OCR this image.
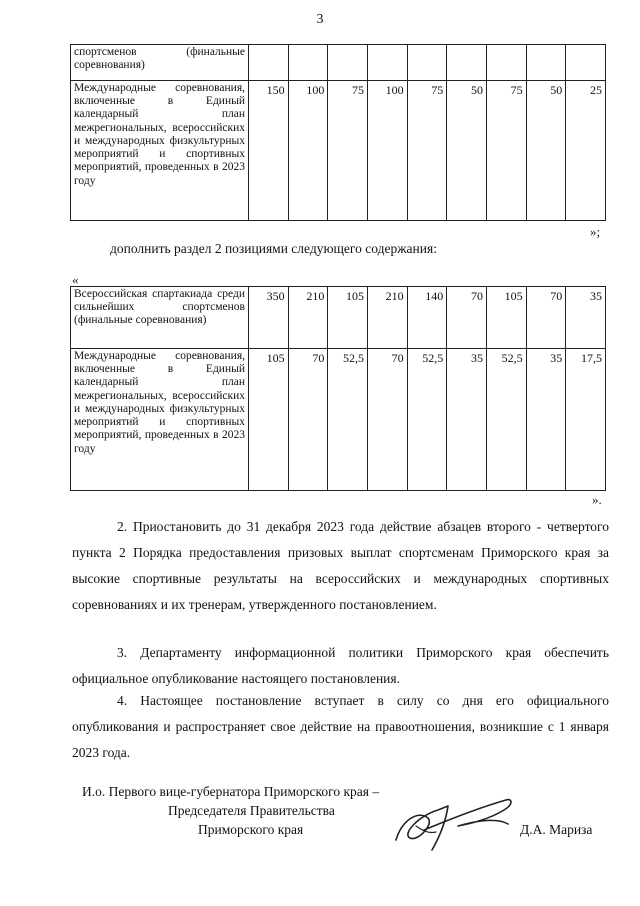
3
спортсменов (финальные соревнования)									
Международные соревнования, включенные в Единый календарный план межрегиональных, всероссийских и международных физкультурных мероприятий и спортивных мероприятий, проведенных в 2023 году	150	100	75	100	75	50	75	50	25
»;
дополнить раздел 2 позициями следующего содержания:
«
Всероссийская спартакиада среди сильнейших спортсменов (финальные соревнования)	350	210	105	210	140	70	105	70	35
Международные соревнования, включенные в Единый календарный план межрегиональных, всероссийских и международных физкультурных мероприятий и спортивных мероприятий, проведенных в 2023 году	105	70	52,5	70	52,5	35	52,5	35	17,5
».
2. Приостановить до 31 декабря 2023 года действие абзацев второго - четвертого пункта 2 Порядка предоставления призовых выплат спортсменам Приморского края за высокие спортивные результаты на всероссийских и международных спортивных соревнованиях и их тренерам, утвержденного постановлением.
3. Департаменту информационной политики Приморского края обеспечить официальное опубликование настоящего постановления.
4. Настоящее постановление вступает в силу со дня его официального опубликования и распространяет свое действие на правоотношения, возникшие с 1 января 2023 года.
И.о. Первого вице-губернатора Приморского края –
Председателя Правительства
Приморского края	Д.А. Мариза
